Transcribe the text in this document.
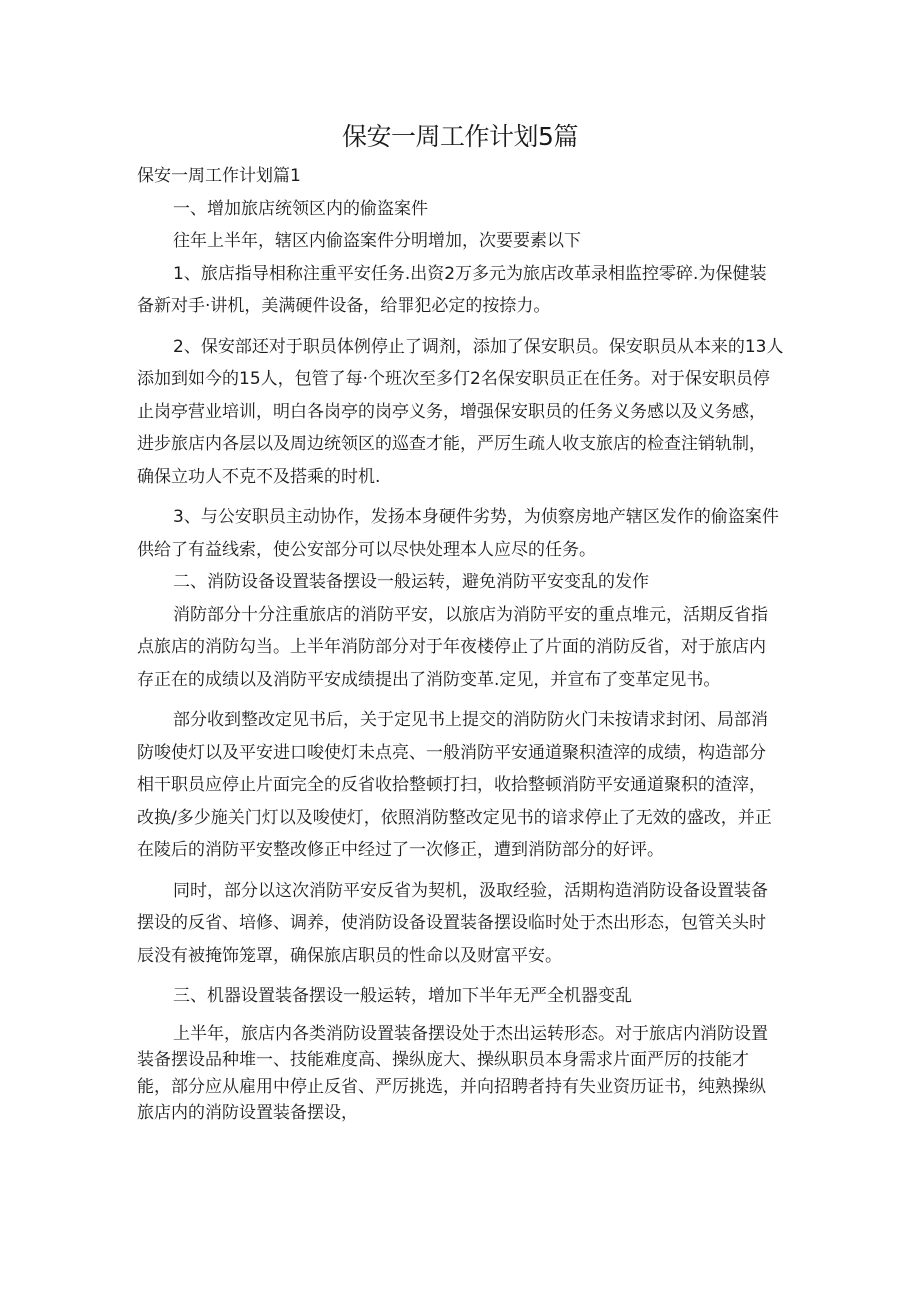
保安一周工作计划5篇

保安一周工作计划篇1

一、增加旅店统领区内的偷盗案件

往年上半年，辖区内偷盗案件分明增加，次要要素以下

1、旅店指导相称注重平安任务.出资2万多元为旅店改革录相监控零碎.为保健装

备新对手·讲机，美满硬件设备，给罪犯必定的按捺力。

2、保安部还对于职员体例停止了调剂，添加了保安职员。保安职员从本来的13人

添加到如今的15人，包管了每·个班次至多仃2名保安职员正在任务。对于保安职员停

止岗亭营业培训，明白各岗亭的岗亭义务，增强保安职员的任务义务感以及义务感，

进步旅店内各层以及周边统领区的巡查才能，严厉生疏人收支旅店的检查注销轨制，

确保立功人不克不及搭乘的时机.

3、与公安职员主动协作，发扬本身硬件劣势，为侦察房地产辖区发作的偷盗案件

供给了有益线索，使公安部分可以尽快处理本人应尽的任务。

二、消防设备设置装备摆设一般运转，避免消防平安变乱的发作

消防部分十分注重旅店的消防平安，以旅店为消防平安的重点堆元，活期反省指

点旅店的消防勾当。上半年消防部分对于年夜楼停止了片面的消防反省，对于旅店内

存正在的成绩以及消防平安成绩提出了消防变革.定见，并宣布了变革定见书。

部分收到整改定见书后，关于定见书上提交的消防防火门未按请求封闭、局部消

防唆使灯以及平安进口唆使灯未点亮、一般消防平安通道聚积渣滓的成绩，构造部分

相干职员应停止片面完全的反省收拾整顿打扫，收拾整顿消防平安通道聚积的渣滓，

改换/多少施关门灯以及唆使灯，依照消防整改定见书的谙求停止了无效的盛改，并正

在陵后的消防平安整改修正中经过了一次修正，遭到消防部分的好评。

同时，部分以这次消防平安反省为契机，汲取经验，活期构造消防设备设置装备

摆设的反省、培修、调养，使消防设备设置装备摆设临时处于杰出形态，包管关头时

辰没有被掩饰笼罩，确保旅店职员的性命以及财富平安。

三、机器设置装备摆设一般运转，增加下半年无严全机器变乱

上半年，旅店内各类消防设置装备摆设处于杰出运转形态。对于旅店内消防设置

装备摆设品种堆一、技能难度高、操纵庞大、操纵职员本身需求片面严厉的技能才

能，部分应从雇用中停止反省、严厉挑选，并向招聘者持有失业资历证书，纯熟操纵

旅店内的消防设置装备摆设，
